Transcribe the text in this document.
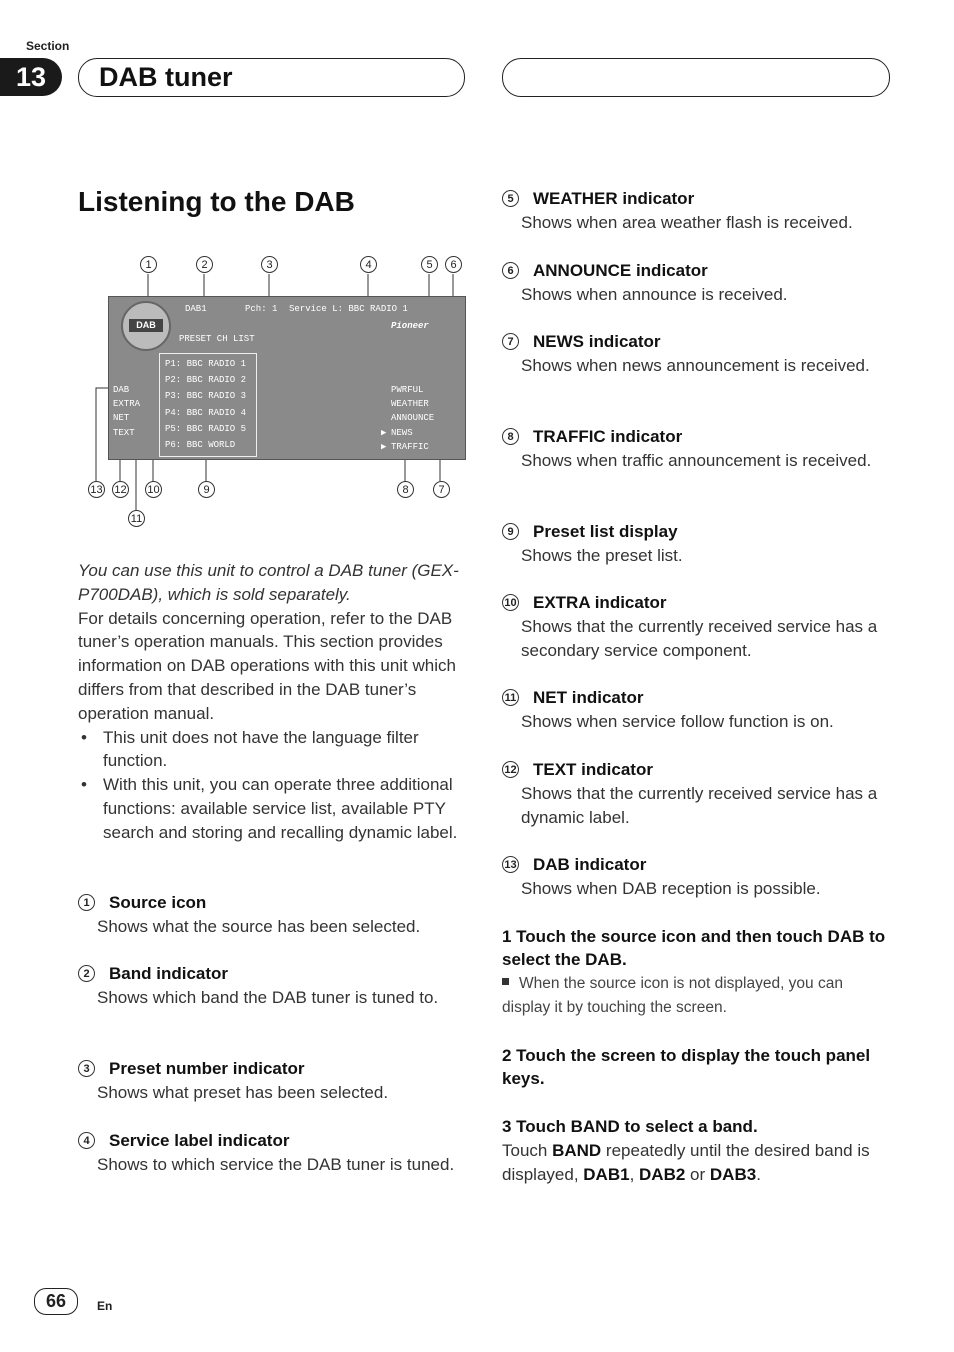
Section
13	DAB tuner
Listening to the DAB
1	2	3	4	5	6
13 12 10	9	8	7
11
DAB
DAB1	Pch: 1 Service L: BBC RADIO 1
Pioneer
PRESET CH LIST
P1: BBC RADIO 1
P2: BBC RADIO 2
P3: BBC RADIO 3
P4: BBC RADIO 4
P5: BBC RADIO 5
P6: BBC WORLD
DAB
EXTRA
NET
TEXT
PWRFUL
WEATHER
ANNOUNCE
▶ NEWS
▶ TRAFFIC
You can use this unit to control a DAB tuner (GEX-P700DAB), which is sold separately.
For details concerning operation, refer to the DAB tuner’s operation manuals. This section provides information on DAB operations with this unit which differs from that described in the DAB tuner’s operation manual.
• This unit does not have the language filter function.
• With this unit, you can operate three additional functions: available service list, available PTY search and storing and recalling dynamic label.
1 Source icon
Shows what the source has been selected.
2 Band indicator
Shows which band the DAB tuner is tuned to.
3 Preset number indicator
Shows what preset has been selected.
4 Service label indicator
Shows to which service the DAB tuner is tuned.
5 WEATHER indicator
Shows when area weather flash is received.
6 ANNOUNCE indicator
Shows when announce is received.
7 NEWS indicator
Shows when news announcement is received.
8 TRAFFIC indicator
Shows when traffic announcement is received.
9 Preset list display
Shows the preset list.
10 EXTRA indicator
Shows that the currently received service has a secondary service component.
11 NET indicator
Shows when service follow function is on.
12 TEXT indicator
Shows that the currently received service has a dynamic label.
13 DAB indicator
Shows when DAB reception is possible.
1 Touch the source icon and then touch DAB to select the DAB.
When the source icon is not displayed, you can display it by touching the screen.
2 Touch the screen to display the touch panel keys.
3 Touch BAND to select a band.
Touch BAND repeatedly until the desired band is displayed, DAB1, DAB2 or DAB3.
66	En
